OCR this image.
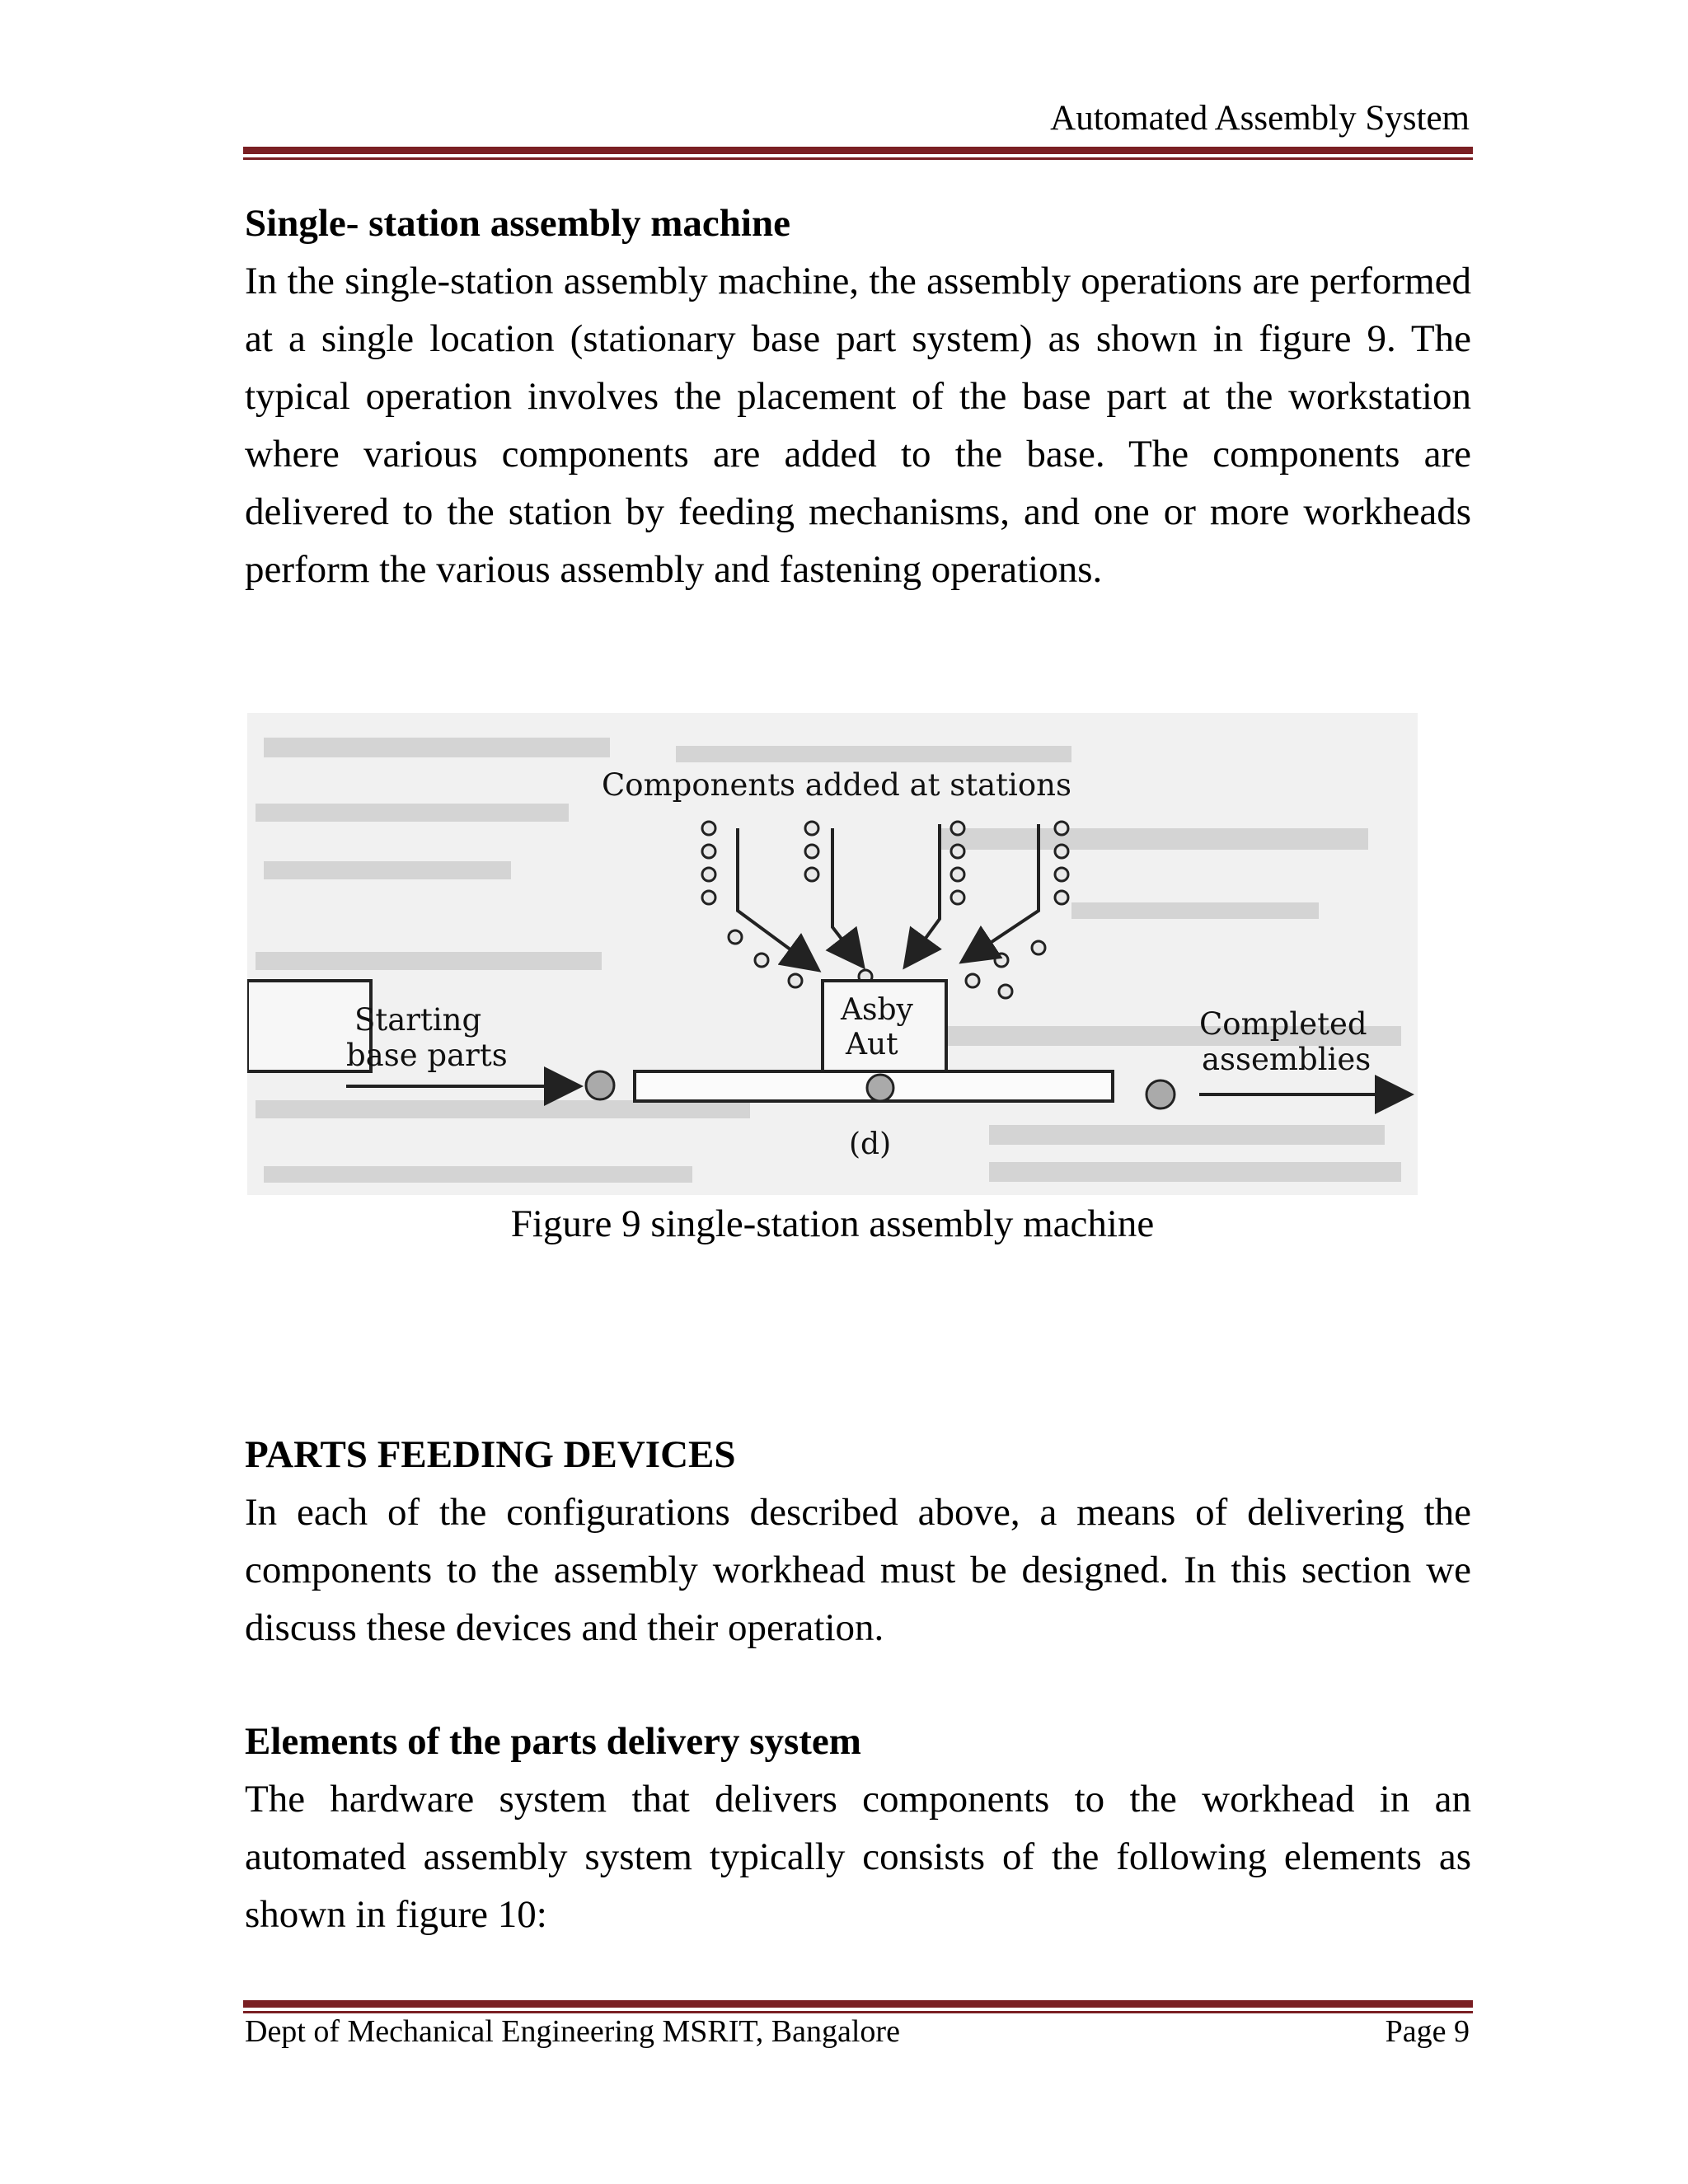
Automated Assembly System
Single- station assembly machine
In the single-station assembly machine, the assembly operations are performed at a single location (stationary base part system) as shown in figure 9. The typical operation involves the placement of the base part at the workstation where various components are added to the base. The components are delivered to the station by feeding mechanisms, and one or more workheads perform the various assembly and fastening operations.
Components added at stations
Asby
Aut
Starting
base parts
Completed
assemblies
(d)
Figure 9 single-station assembly machine
PARTS FEEDING DEVICES
In each of the configurations described above, a means of delivering the components to the assembly workhead must be designed. In this section we discuss these devices and their operation.
Elements of the parts delivery system
The hardware system that delivers components to the workhead in an automated assembly system typically consists of the following elements as shown in figure 10:
Dept of Mechanical Engineering MSRIT, Bangalore	Page 9
